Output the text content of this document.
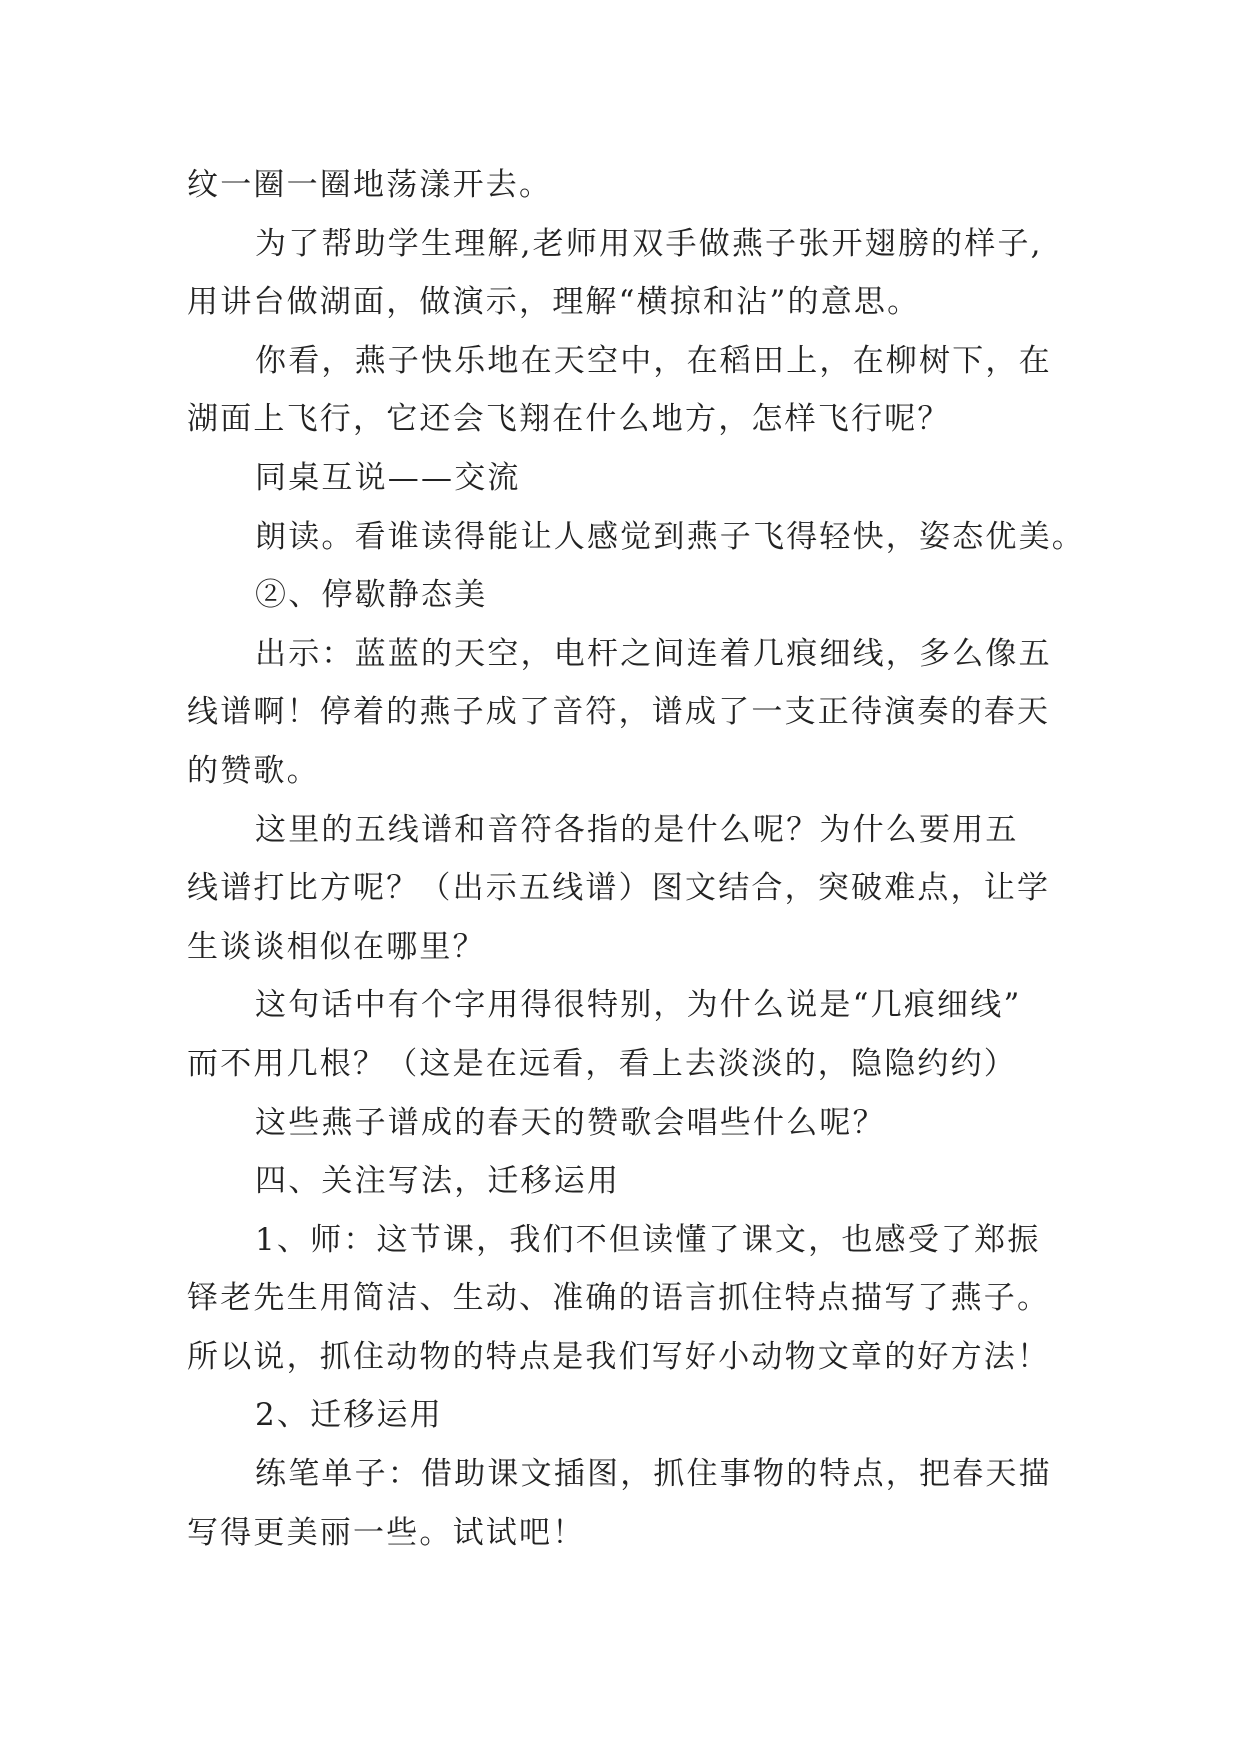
纹一圈一圈地荡漾开去。
为了帮助学生理解,老师用双手做燕子张开翅膀的样子,
用讲台做湖面，做演示，理解“横掠和沾”的意思。
你看，燕子快乐地在天空中，在稻田上，在柳树下，在
湖面上飞行，它还会飞翔在什么地方，怎样飞行呢？
同桌互说——交流
朗读。看谁读得能让人感觉到燕子飞得轻快，姿态优美。
②、停歇静态美
出示：蓝蓝的天空，电杆之间连着几痕细线，多么像五
线谱啊！停着的燕子成了音符，谱成了一支正待演奏的春天
的赞歌。
这里的五线谱和音符各指的是什么呢？为什么要用五
线谱打比方呢？（出示五线谱）图文结合，突破难点，让学
生谈谈相似在哪里？
这句话中有个字用得很特别，为什么说是“几痕细线”
而不用几根？（这是在远看，看上去淡淡的，隐隐约约）
这些燕子谱成的春天的赞歌会唱些什么呢？
四、关注写法，迁移运用
1、师：这节课，我们不但读懂了课文，也感受了郑振
铎老先生用简洁、生动、准确的语言抓住特点描写了燕子。
所以说，抓住动物的特点是我们写好小动物文章的好方法！
2、迁移运用
练笔单子：借助课文插图，抓住事物的特点，把春天描
写得更美丽一些。试试吧！
